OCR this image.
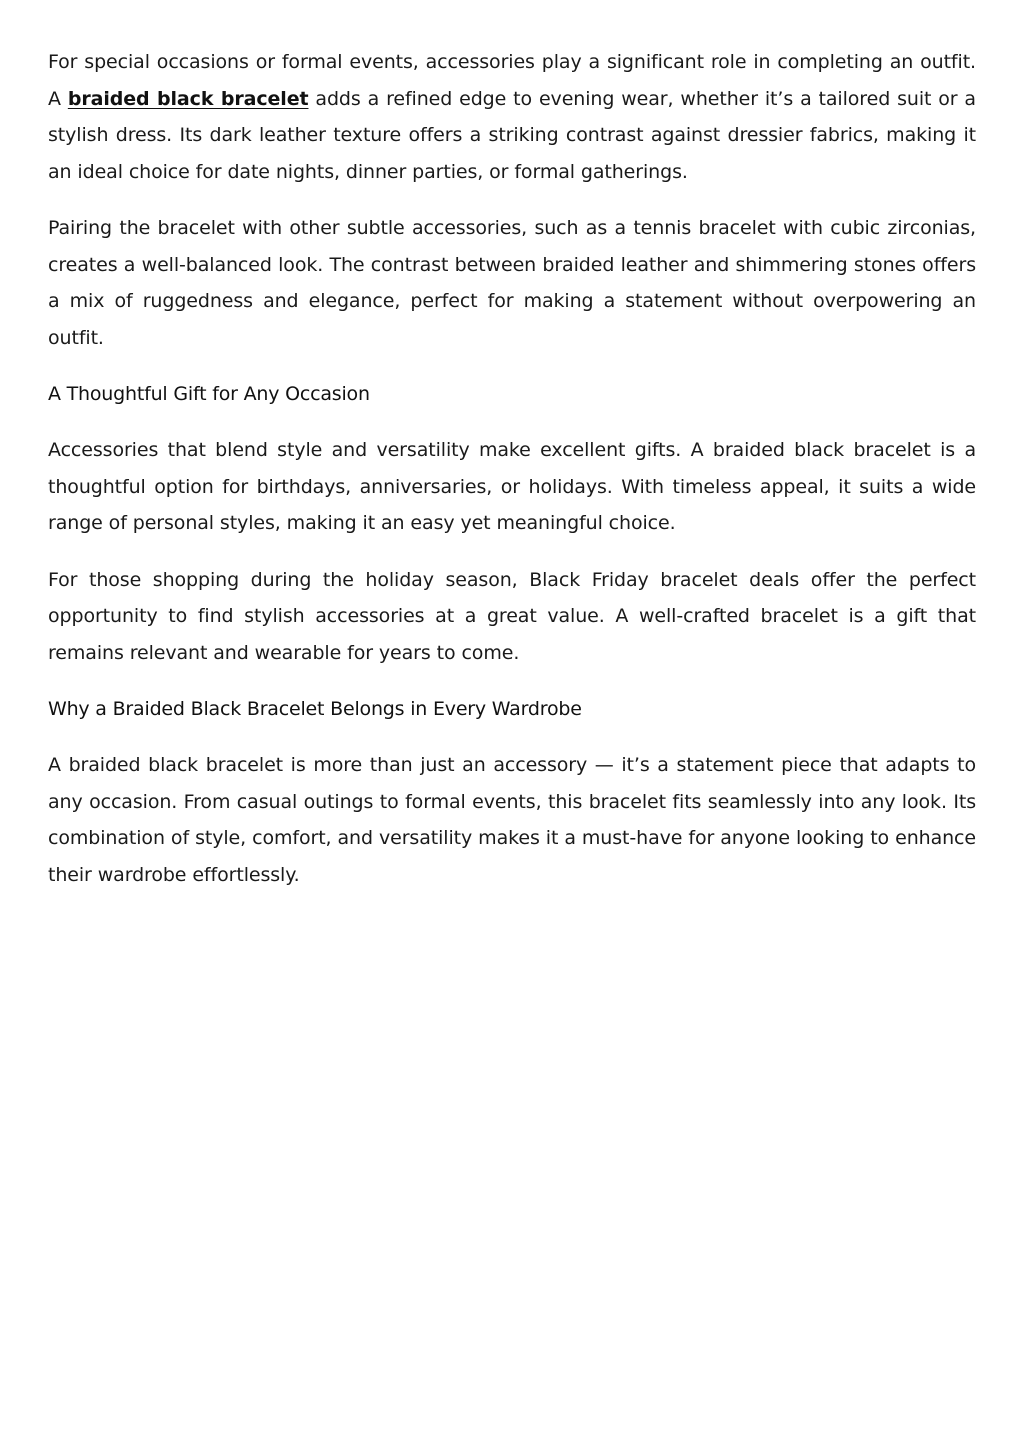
For special occasions or formal events, accessories play a significant role in completing an outfit. A braided black bracelet adds a refined edge to evening wear, whether it’s a tailored suit or a stylish dress. Its dark leather texture offers a striking contrast against dressier fabrics, making it an ideal choice for date nights, dinner parties, or formal gatherings.

Pairing the bracelet with other subtle accessories, such as a tennis bracelet with cubic zirconias, creates a well-balanced look. The contrast between braided leather and shimmering stones offers a mix of ruggedness and elegance, perfect for making a statement without overpowering an outfit.

A Thoughtful Gift for Any Occasion

Accessories that blend style and versatility make excellent gifts. A braided black bracelet is a thoughtful option for birthdays, anniversaries, or holidays. With timeless appeal, it suits a wide range of personal styles, making it an easy yet meaningful choice.

For those shopping during the holiday season, Black Friday bracelet deals offer the perfect opportunity to find stylish accessories at a great value. A well-crafted bracelet is a gift that remains relevant and wearable for years to come.

Why a Braided Black Bracelet Belongs in Every Wardrobe

A braided black bracelet is more than just an accessory — it’s a statement piece that adapts to any occasion. From casual outings to formal events, this bracelet fits seamlessly into any look. Its combination of style, comfort, and versatility makes it a must-have for anyone looking to enhance their wardrobe effortlessly.
